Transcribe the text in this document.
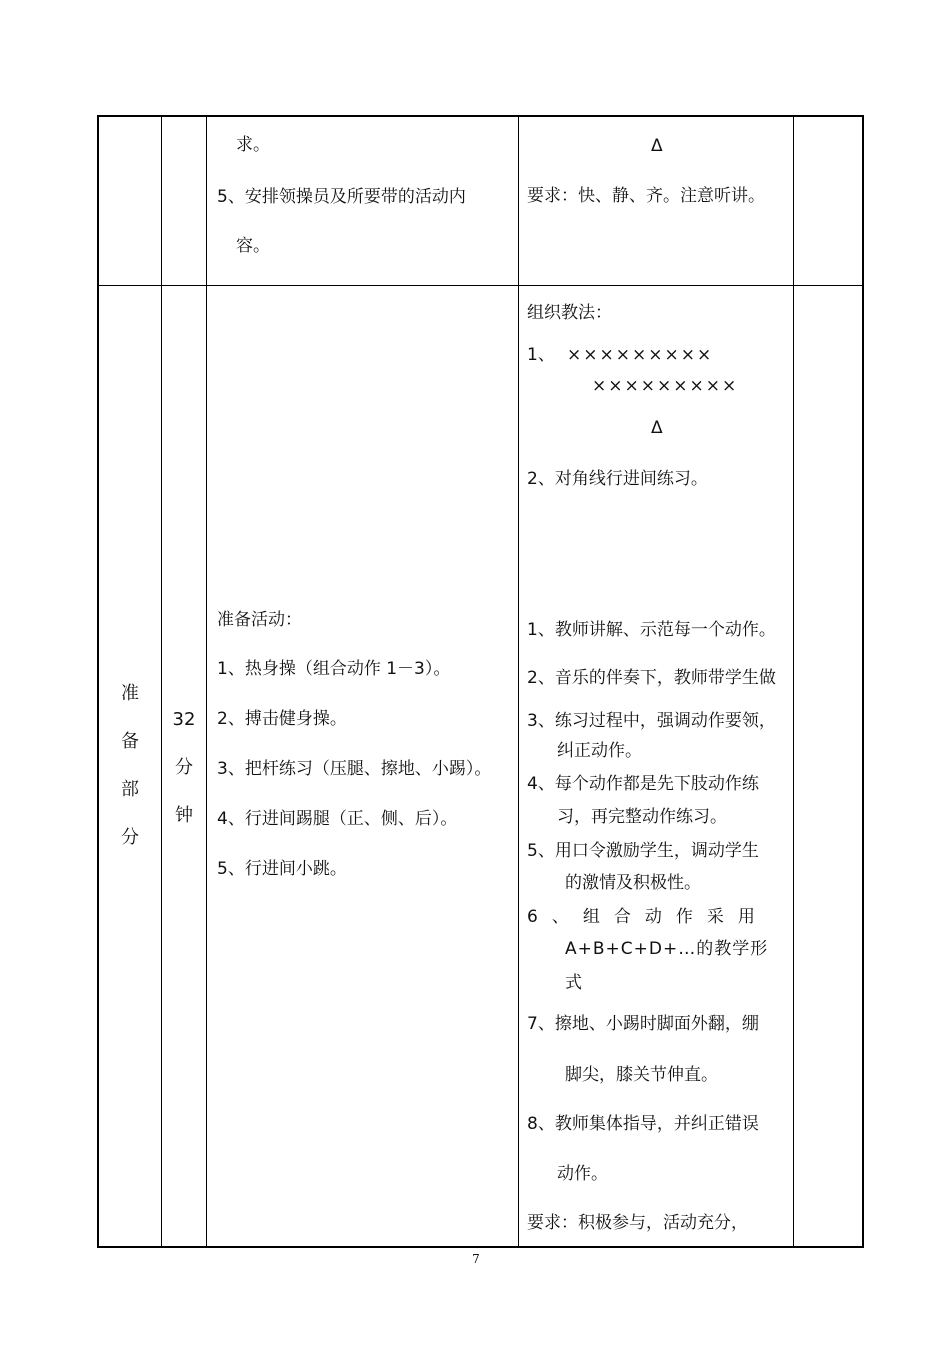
求。
5、安排领操员及所要带的活动内
容。
Δ
要求：快、静、齐。注意听讲。
准
备
部
分
32
分
钟
准备活动：
1、热身操（组合动作 1－3）。
2、搏击健身操。
3、把杆练习（压腿、擦地、小踢）。
4、行进间踢腿（正、侧、后）。
5、行进间小跳。
组织教法：
1、 ×××××××××
×××××××××
Δ
2、对角线行进间练习。
1、教师讲解、示范每一个动作。
2、音乐的伴奏下，教师带学生做
3、练习过程中，强调动作要领，
纠正动作。
4、每个动作都是先下肢动作练
习，再完整动作练习。
5、用口令激励学生，调动学生
的激情及积极性。
6、组合动作采用
A+B+C+D+…的教学形
式
7、擦地、小踢时脚面外翻，绷
脚尖，膝关节伸直。
8、教师集体指导，并纠正错误
动作。
要求：积极参与，活动充分，
7
